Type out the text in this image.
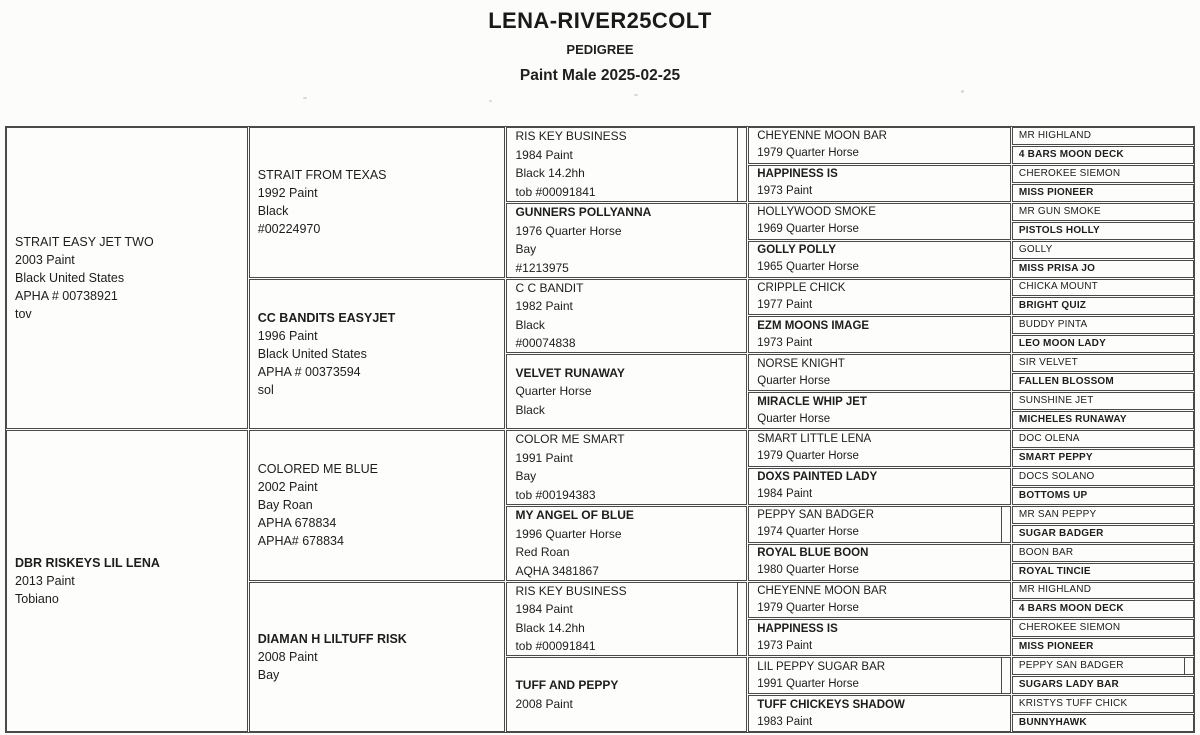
LENA-RIVER25COLT
PEDIGREE
Paint Male 2025-02-25
STRAIT EASY JET TWO
2003 Paint
Black United States
APHA # 00738921
tov
DBR RISKEYS LIL LENA
2013 Paint
Tobiano
STRAIT FROM TEXAS
1992 Paint
Black
#00224970
CC BANDITS EASYJET
1996 Paint
Black United States
APHA # 00373594
sol
COLORED ME BLUE
2002 Paint
Bay Roan
APHA 678834
APHA# 678834
DIAMAN H LILTUFF RISK
2008 Paint
Bay
RIS KEY BUSINESS
1984 Paint
Black 14.2hh
tob #00091841
GUNNERS POLLYANNA
1976 Quarter Horse
Bay
#1213975
C C BANDIT
1982 Paint
Black
#00074838
VELVET RUNAWAY
Quarter Horse
Black
COLOR ME SMART
1991 Paint
Bay
tob #00194383
MY ANGEL OF BLUE
1996 Quarter Horse
Red Roan
AQHA 3481867
RIS KEY BUSINESS
1984 Paint
Black 14.2hh
tob #00091841
TUFF AND PEPPY
2008 Paint
CHEYENNE MOON BAR
1979 Quarter Horse
HAPPINESS IS
1973 Paint
HOLLYWOOD SMOKE
1969 Quarter Horse
GOLLY POLLY
1965 Quarter Horse
CRIPPLE CHICK
1977 Paint
EZM MOONS IMAGE
1973 Paint
NORSE KNIGHT
Quarter Horse
MIRACLE WHIP JET
Quarter Horse
SMART LITTLE LENA
1979 Quarter Horse
DOXS PAINTED LADY
1984 Paint
PEPPY SAN BADGER
1974 Quarter Horse
ROYAL BLUE BOON
1980 Quarter Horse
CHEYENNE MOON BAR
1979 Quarter Horse
HAPPINESS IS
1973 Paint
LIL PEPPY SUGAR BAR
1991 Quarter Horse
TUFF CHICKEYS SHADOW
1983 Paint
MR HIGHLAND
4 BARS MOON DECK
CHEROKEE SIEMON
MISS PIONEER
MR GUN SMOKE
PISTOLS HOLLY
GOLLY
MISS PRISA JO
CHICKA MOUNT
BRIGHT QUIZ
BUDDY PINTA
LEO MOON LADY
SIR VELVET
FALLEN BLOSSOM
SUNSHINE JET
MICHELES RUNAWAY
DOC OLENA
SMART PEPPY
DOCS SOLANO
BOTTOMS UP
MR SAN PEPPY
SUGAR BADGER
BOON BAR
ROYAL TINCIE
MR HIGHLAND
4 BARS MOON DECK
CHEROKEE SIEMON
MISS PIONEER
PEPPY SAN BADGER
SUGARS LADY BAR
KRISTYS TUFF CHICK
BUNNYHAWK
